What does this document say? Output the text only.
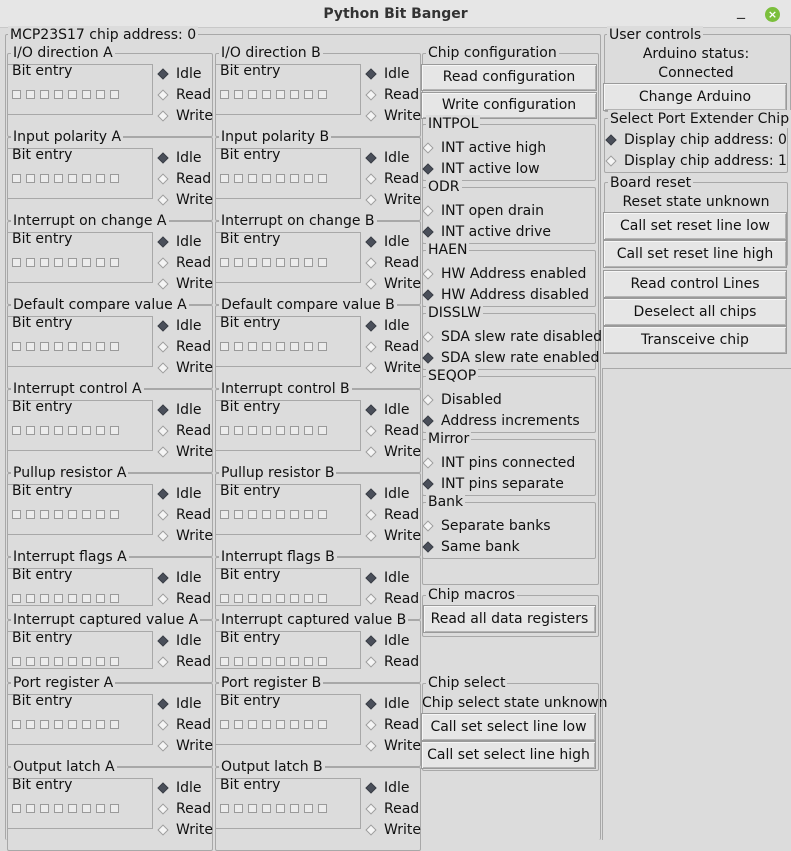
Python Bit Banger	_ ×
MCP23S17 chip address: 0
I/O direction A
Bit entry	Idle
Read
Write
I/O direction B
Bit entry	Idle
Read
Write
Input polarity A
Bit entry	Idle
Read
Write
Input polarity B
Bit entry	Idle
Read
Write
Interrupt on change A
Bit entry	Idle
Read
Write
Interrupt on change B
Bit entry	Idle
Read
Write
Default compare value A
Bit entry	Idle
Read
Write
Default compare value B
Bit entry	Idle
Read
Write
Interrupt control A
Bit entry	Idle
Read
Write
Interrupt control B
Bit entry	Idle
Read
Write
Pullup resistor A
Bit entry	Idle
Read
Write
Pullup resistor B
Bit entry	Idle
Read
Write
Interrupt flags A
Bit entry	Idle
Read
Interrupt flags B
Bit entry	Idle
Read
Interrupt captured value A
Bit entry	Idle
Read
Interrupt captured value B
Bit entry	Idle
Read
Port register A
Bit entry	Idle
Read
Write
Port register B
Bit entry	Idle
Read
Write
Output latch A
Bit entry	Idle
Read
Write
Output latch B
Bit entry	Idle
Read
Write
Chip configuration
Read configuration
Write configuration
INTPOL
INT active high
INT active low
ODR
INT open drain
INT active drive
HAEN
HW Address enabled
HW Address disabled
DISSLW
SDA slew rate disabled
SDA slew rate enabled
SEQOP
Disabled
Address increments
Mirror
INT pins connected
INT pins separate
Bank
Separate banks
Same bank
Chip macros
Read all data registers
Chip select
Chip select state unknown
Call set select line low
Call set select line high
User controls
Arduino status:
Connected
Change Arduino
Select Port Extender Chip
Display chip address: 0
Display chip address: 1
Board reset
Reset state unknown
Call set reset line low
Call set reset line high
Read control Lines
Deselect all chips
Transceive chip
